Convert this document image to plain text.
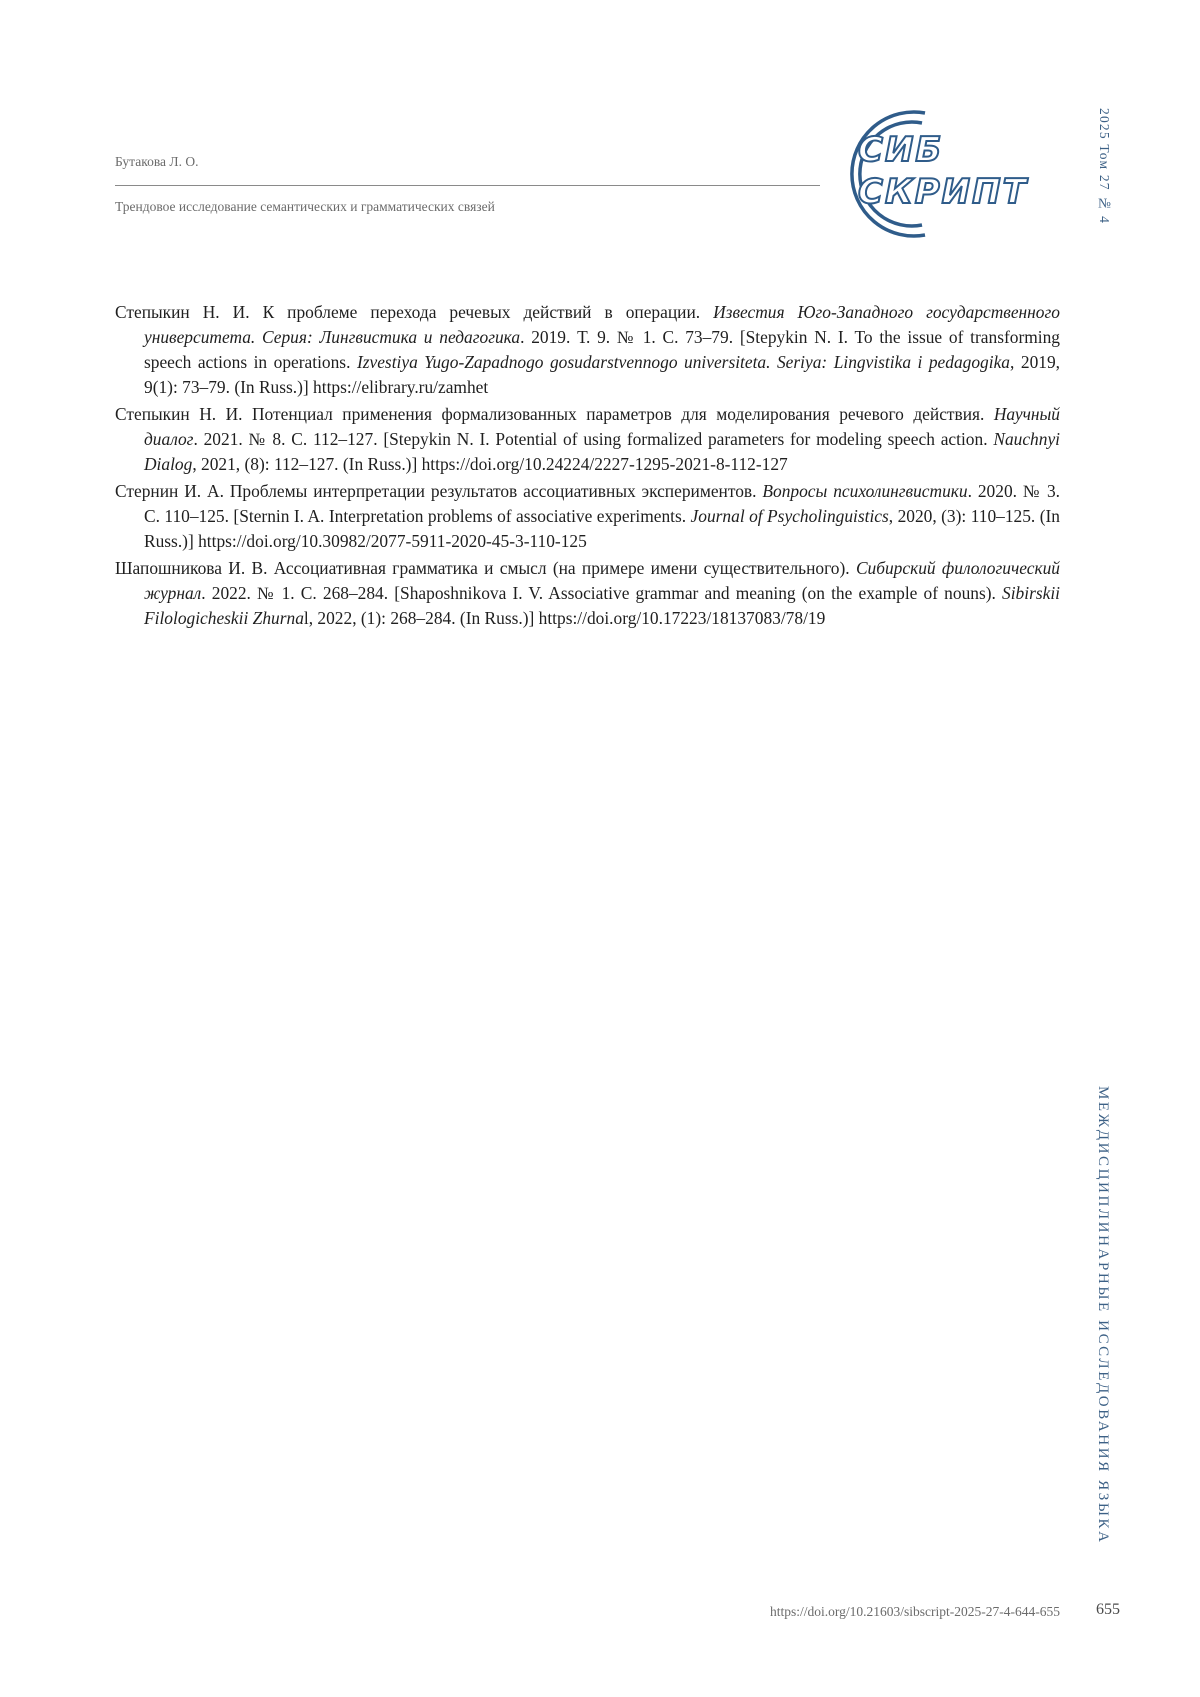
Бутакова Л. О.
Трендовое исследование семантических и грамматических связей
СИБ
СКРИПТ	2025 Том 27 № 4
МЕЖДИСЦИПЛИНАРНЫЕ ИССЛЕДОВАНИЯ ЯЗЫКА

Степыкин Н. И. К проблеме перехода речевых действий в операции. Известия Юго-Западного государственного университета. Серия: Лингвистика и педагогика. 2019. Т. 9. № 1. С. 73–79. [Stepykin N. I. To the issue of transforming speech actions in operations. Izvestiya Yugo-Zapadnogo gosudarstvennogo universiteta. Seriya: Lingvistika i pedagogika, 2019, 9(1): 73–79. (In Russ.)] https://elibrary.ru/zamhet

Степыкин Н. И. Потенциал применения формализованных параметров для моделирования речевого действия. Научный диалог. 2021. № 8. С. 112–127. [Stepykin N. I. Potential of using formalized parameters for modeling speech action. Nauchnyi Dialog, 2021, (8): 112–127. (In Russ.)] https://doi.org/10.24224/2227-1295-2021-8-112-127

Стернин И. А. Проблемы интерпретации результатов ассоциативных экспериментов. Вопросы психолингвистики. 2020. № 3. С. 110–125. [Sternin I. A. Interpretation problems of associative experiments. Journal of Psycholinguistics, 2020, (3): 110–125. (In Russ.)] https://doi.org/10.30982/2077-5911-2020-45-3-110-125

Шапошникова И. В. Ассоциативная грамматика и смысл (на примере имени существительного). Сибирский филологический журнал. 2022. № 1. С. 268–284. [Shaposhnikova I. V. Associative grammar and meaning (on the example of nouns). Sibirskii Filologicheskii Zhurnal, 2022, (1): 268–284. (In Russ.)] https://doi.org/10.17223/18137083/78/19

https://doi.org/10.21603/sibscript-2025-27-4-644-655 655
